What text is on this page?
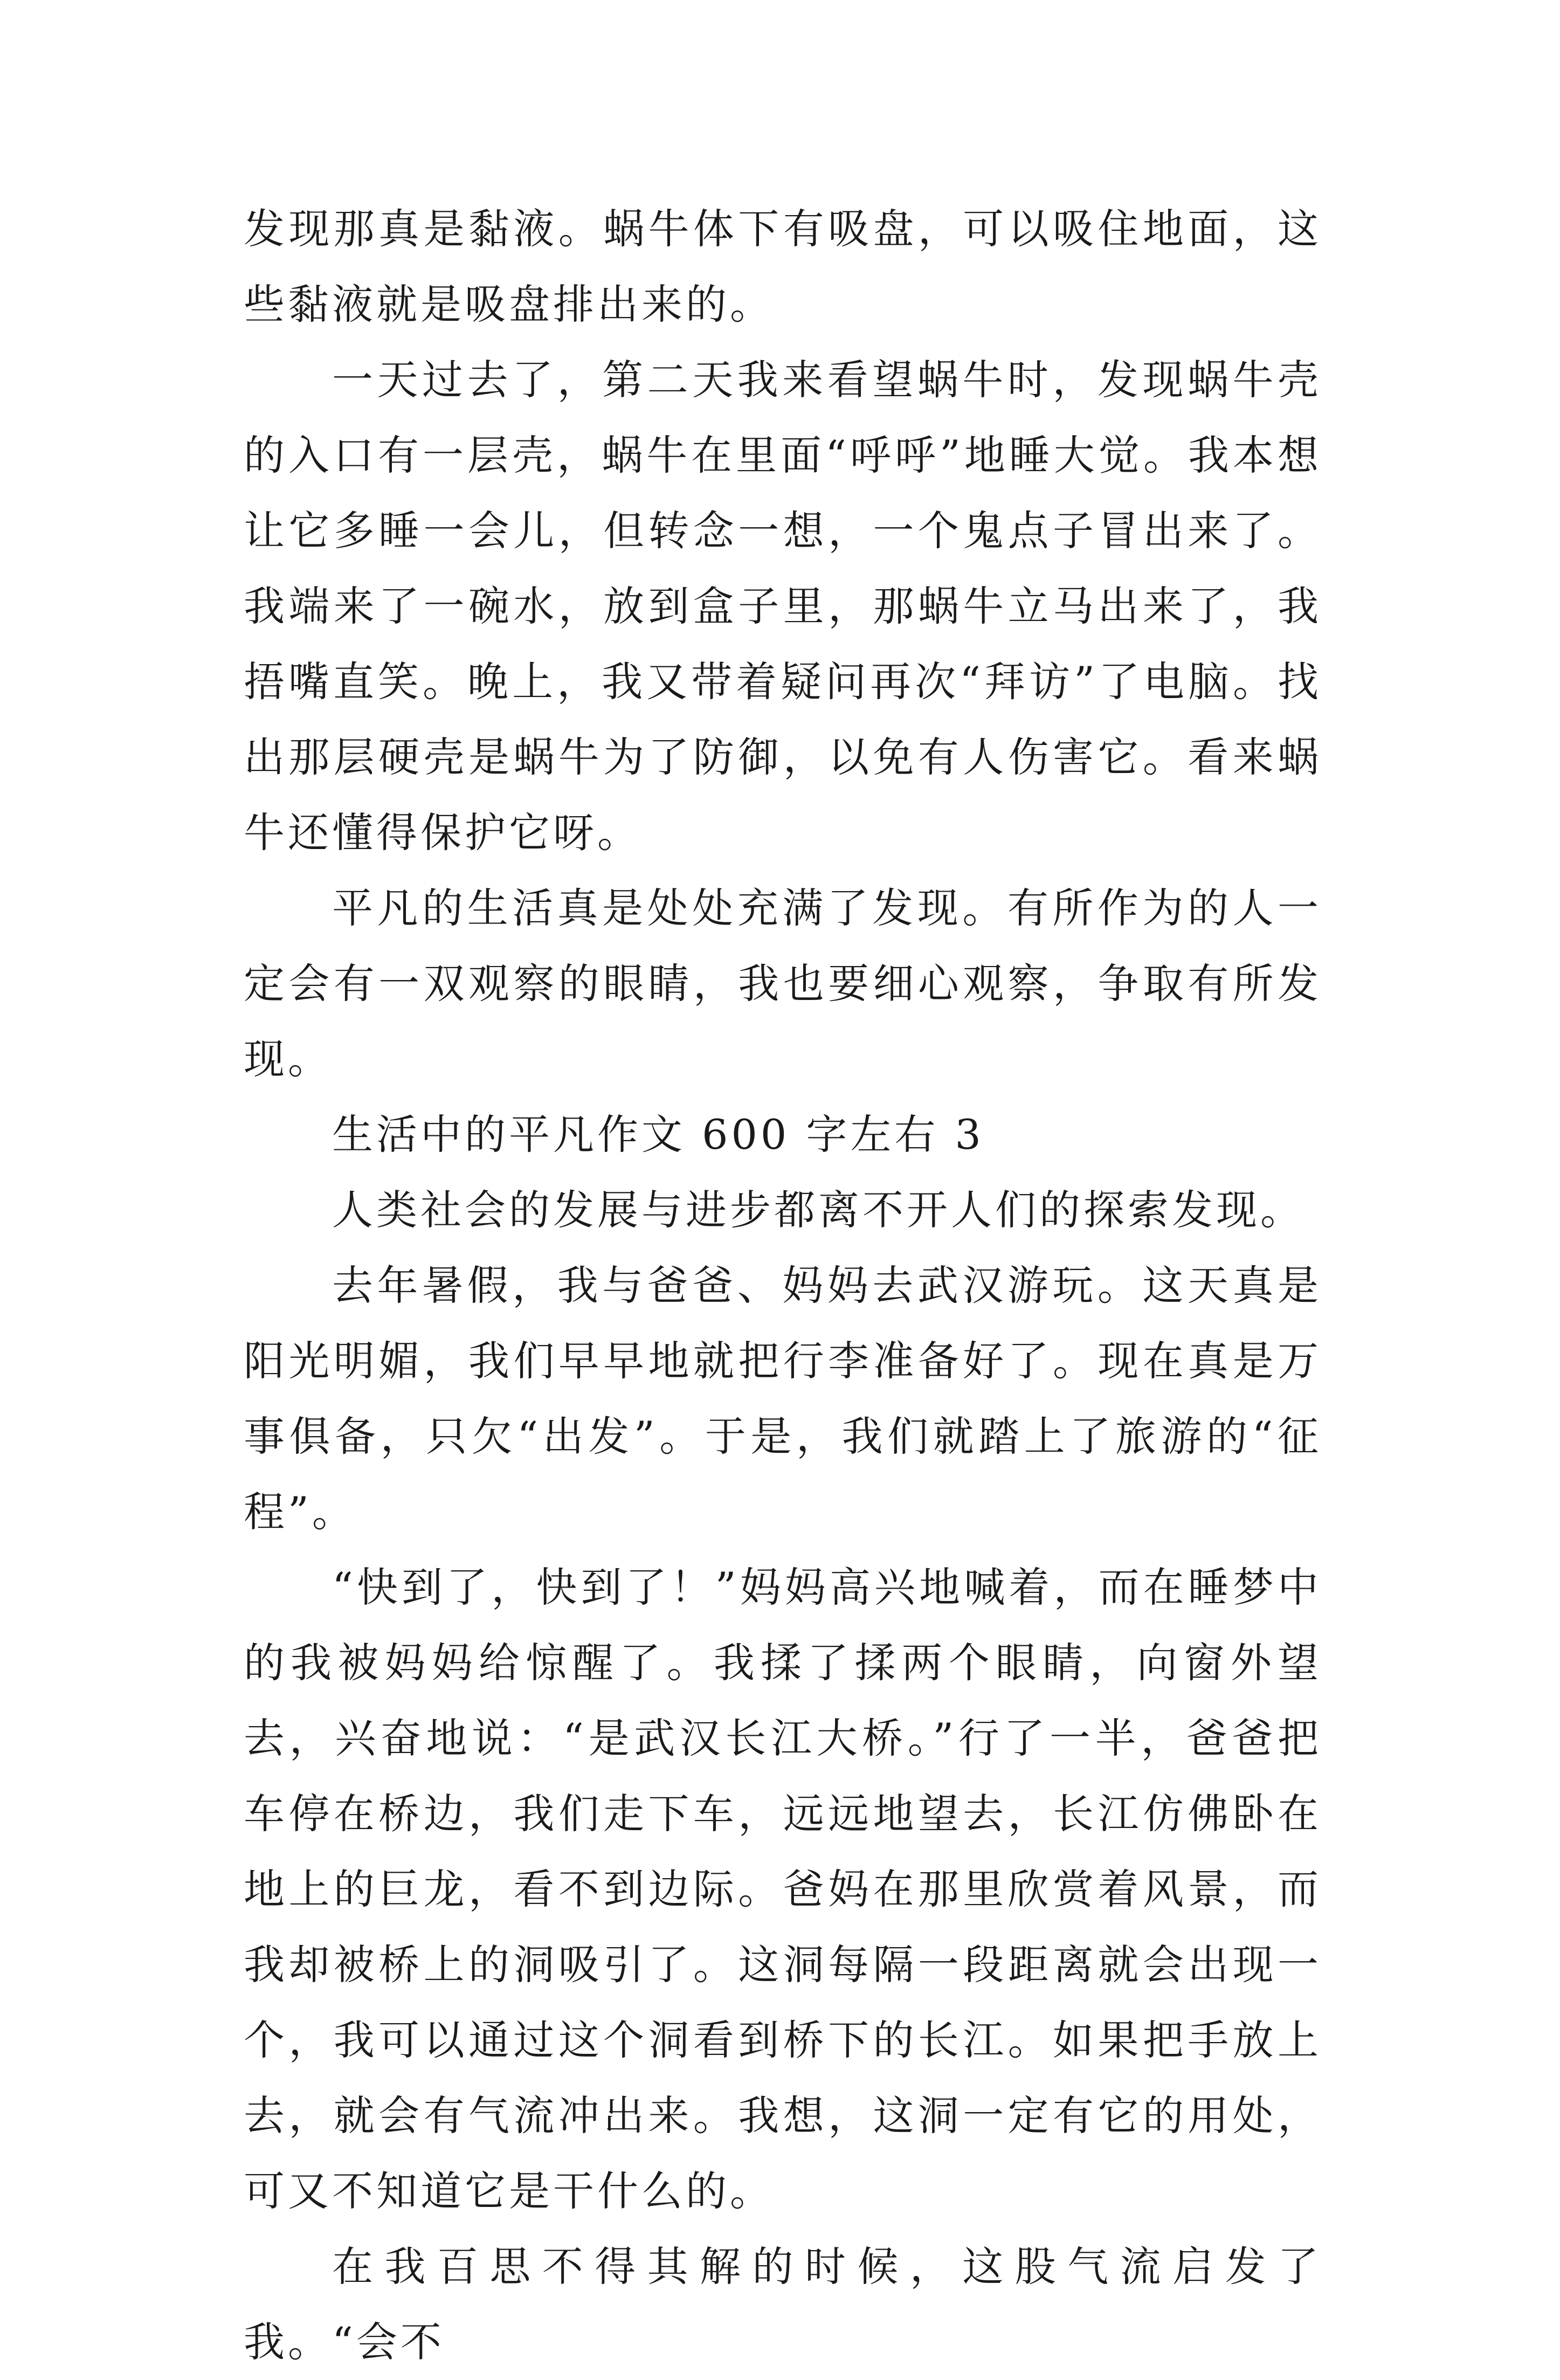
发现那真是黏液。蜗牛体下有吸盘，可以吸住地面，这些黏液就是吸盘排出来的。

一天过去了，第二天我来看望蜗牛时，发现蜗牛壳的入口有一层壳，蜗牛在里面“呼呼”地睡大觉。我本想让它多睡一会儿，但转念一想，一个鬼点子冒出来了。我端来了一碗水，放到盒子里，那蜗牛立马出来了，我捂嘴直笑。晚上，我又带着疑问再次“拜访”了电脑。找出那层硬壳是蜗牛为了防御，以免有人伤害它。看来蜗牛还懂得保护它呀。

平凡的生活真是处处充满了发现。有所作为的人一定会有一双观察的眼睛，我也要细心观察，争取有所发现。

生活中的平凡作文 600 字左右 3

人类社会的发展与进步都离不开人们的探索发现。

去年暑假，我与爸爸、妈妈去武汉游玩。这天真是阳光明媚，我们早早地就把行李准备好了。现在真是万事俱备，只欠“出发”。于是，我们就踏上了旅游的“征程”。

“快到了，快到了！”妈妈高兴地喊着，而在睡梦中的我被妈妈给惊醒了。我揉了揉两个眼睛，向窗外望去，兴奋地说：“是武汉长江大桥。”行了一半，爸爸把车停在桥边，我们走下车，远远地望去，长江仿佛卧在地上的巨龙，看不到边际。爸妈在那里欣赏着风景，而我却被桥上的洞吸引了。这洞每隔一段距离就会出现一个，我可以通过这个洞看到桥下的长江。如果把手放上去，就会有气流冲出来。我想，这洞一定有它的用处，可又不知道它是干什么的。

在我百思不得其解的时候，这股气流启发了我。“会不
